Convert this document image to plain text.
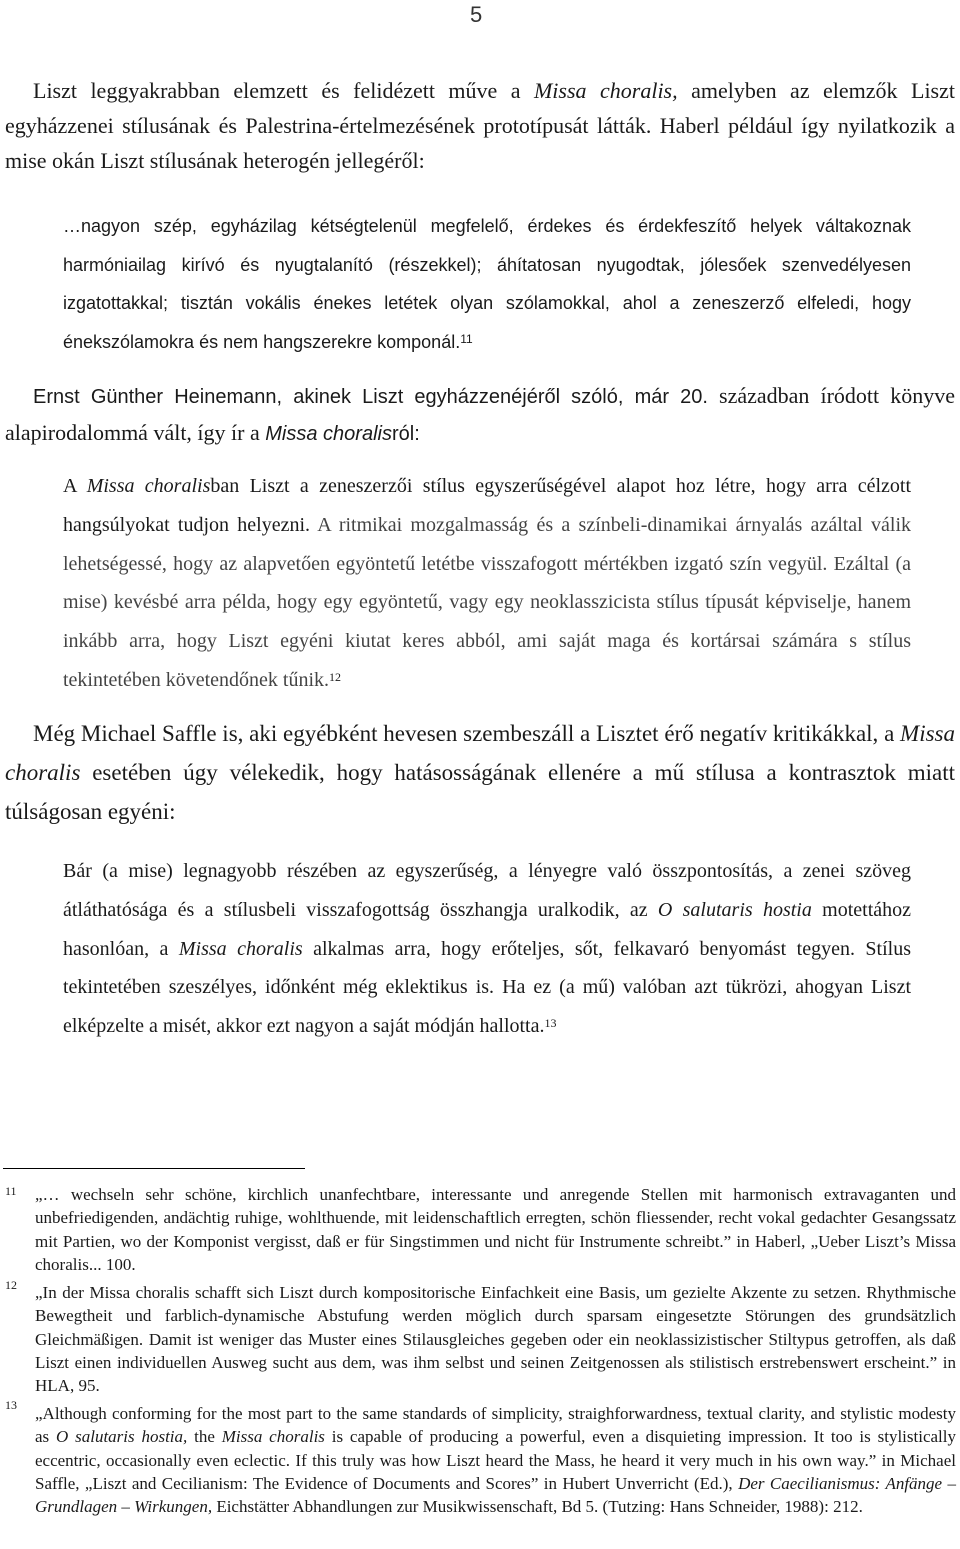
5
Liszt leggyakrabban elemzett és felidézett műve a Missa choralis, amelyben az elemzők Liszt egyházzenei stílusának és Palestrina-értelmezésének prototípusát látták. Haberl például így nyilatkozik a mise okán Liszt stílusának heterogén jellegéről:
…nagyon szép, egyházilag kétségtelenül megfelelő, érdekes és érdekfeszítő helyek váltakoznak harmóniailag kirívó és nyugtalanító (részekkel); áhítatosan nyugodtak, jólesőek szenvedélyesen izgatottakkal; tisztán vokális énekes letétek olyan szólamokkal, ahol a zeneszerző elfeledi, hogy énekszólamokra és nem hangszerekre komponál.$^{11}$
Ernst Günther Heinemann, akinek Liszt egyházzenéjéről szóló, már 20. században íródott könyve alapirodalommá vált, így ír a Missa choralisról:
A Missa choralisban Liszt a zeneszerzői stílus egyszerűségével alapot hoz létre, hogy arra célzott hangsúlyokat tudjon helyezni. A ritmikai mozgalmasság és a színbeli-dinamikai árnyalás azáltal válik lehetségessé, hogy az alapvetően egyöntetű letétbe visszafogott mértékben izgató szín vegyül. Ezáltal (a mise) kevésbé arra példa, hogy egy egyöntetű, vagy egy neoklasszicista stílus típusát képviselje, hanem inkább arra, hogy Liszt egyéni kiutat keres abból, ami saját maga és kortársai számára s stílus tekintetében követendőnek tűnik.$^{12}$
Még Michael Saffle is, aki egyébként hevesen szembeszáll a Lisztet érő negatív kritikákkal, a Missa choralis esetében úgy vélekedik, hogy hatásosságának ellenére a mű stílusa a kontrasztok miatt túlságosan egyéni:
Bár (a mise) legnagyobb részében az egyszerűség, a lényegre való összpontosítás, a zenei szöveg átláthatósága és a stílusbeli visszafogottság összhangja uralkodik, az O salutaris hostia motettához hasonlóan, a Missa choralis alkalmas arra, hogy erőteljes, sőt, felkavaró benyomást tegyen. Stílus tekintetében szeszélyes, időnként még eklektikus is. Ha ez (a mű) valóban azt tükrözi, ahogyan Liszt elképzelte a misét, akkor ezt nagyon a saját módján hallotta.$^{13}$
11 „… wechseln sehr schöne, kirchlich unanfechtbare, interessante und anregende Stellen mit harmonisch extravaganten und unbefriedigenden, andächtig ruhige, wohlthuende, mit leidenschaftlich erregten, schön fliessender, recht vokal gedachter Gesangssatz mit Partien, wo der Komponist vergisst, daß er für Singstimmen und nicht für Instrumente schreibt.” in Haberl, „Ueber Liszt’s Missa choralis... 100.
12 „In der Missa choralis schafft sich Liszt durch kompositorische Einfachkeit eine Basis, um gezielte Akzente zu setzen. Rhythmische Bewegtheit und farblich-dynamische Abstufung werden möglich durch sparsam eingesetzte Störungen des grundsätzlich Gleichmäßigen. Damit ist weniger das Muster eines Stilausgleiches gegeben oder ein neoklassizistischer Stiltypus getroffen, als daß Liszt einen individuellen Ausweg sucht aus dem, was ihm selbst und seinen Zeitgenossen als stilistisch erstrebenswert erscheint.” in HLA, 95.
13 „Although conforming for the most part to the same standards of simplicity, straighforwardness, textual clarity, and stylistic modesty as O salutaris hostia, the Missa choralis is capable of producing a powerful, even a disquieting impression. It too is stylistically eccentric, occasionally even eclectic. If this truly was how Liszt heard the Mass, he heard it very much in his own way.” in Michael Saffle, „Liszt and Cecilianism: The Evidence of Documents and Scores” in Hubert Unverricht (Ed.), Der Caecilianismus: Anfänge – Grundlagen – Wirkungen, Eichstätter Abhandlungen zur Musikwissenschaft, Bd 5. (Tutzing: Hans Schneider, 1988): 212.
